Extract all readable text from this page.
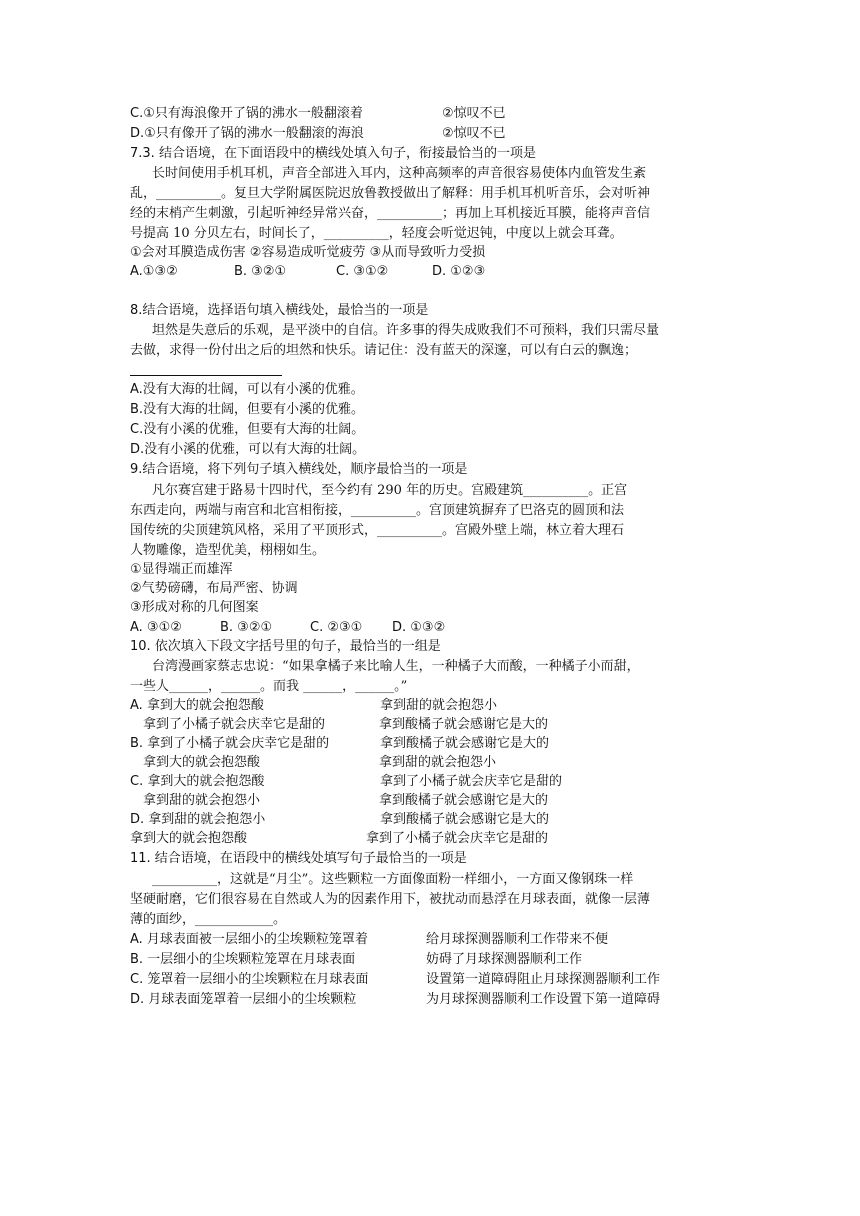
C.①只有海浪像开了锅的沸水一般翻滚着	②惊叹不已
D.①只有像开了锅的沸水一般翻滚的海浪	②惊叹不已
7.3. 结合语境，在下面语段中的横线处填入句子，衔接最恰当的一项是
长时间使用手机耳机，声音全部进入耳内，这种高频率的声音很容易使体内血管发生紊
乱，__________。复旦大学附属医院迟放鲁教授做出了解释：用手机耳机听音乐，会对听神
经的末梢产生刺激，引起听神经异常兴奋，__________；再加上耳机接近耳膜，能将声音信
号提高 10 分贝左右，时间长了，__________，轻度会听觉迟钝，中度以上就会耳聋。
①会对耳膜造成伤害 ②容易造成听觉疲劳 ③从而导致听力受损
A.①③②	B. ③②①	C. ③①②	D. ①②③
8.结合语境，选择语句填入横线处，最恰当的一项是
坦然是失意后的乐观，是平淡中的自信。许多事的得失成败我们不可预料，我们只需尽量
去做，求得一份付出之后的坦然和快乐。请记住：没有蓝天的深邃，可以有白云的飘逸；
A.没有大海的壮阔，可以有小溪的优雅。
B.没有大海的壮阔，但要有小溪的优雅。
C.没有小溪的优雅，但要有大海的壮阔。
D.没有小溪的优雅，可以有大海的壮阔。
9.结合语境，将下列句子填入横线处，顺序最恰当的一项是
凡尔赛宫建于路易十四时代，至今约有 290 年的历史。宫殿建筑__________。正宫
东西走向，两端与南宫和北宫相衔接，__________。宫顶建筑摒弃了巴洛克的圆顶和法
国传统的尖顶建筑风格，采用了平顶形式，__________。宫殿外壁上端，林立着大理石
人物雕像，造型优美，栩栩如生。
①显得端正而雄浑
②气势磅礴，布局严密、协调
③形成对称的几何图案
A. ③①②	B. ③②①	C. ②③① D. ①③②
10. 依次填入下段文字括号里的句子，最恰当的一组是
台湾漫画家蔡志忠说：“如果拿橘子来比喻人生，一种橘子大而酸，一种橘子小而甜，
一些人______，______。而我 ______，______。”
A. 拿到大的就会抱怨酸	拿到甜的就会抱怨小
拿到了小橘子就会庆幸它是甜的	拿到酸橘子就会感谢它是大的
B. 拿到了小橘子就会庆幸它是甜的	拿到酸橘子就会感谢它是大的
拿到大的就会抱怨酸	拿到甜的就会抱怨小
C. 拿到大的就会抱怨酸	拿到了小橘子就会庆幸它是甜的
拿到甜的就会抱怨小	拿到酸橘子就会感谢它是大的
D. 拿到甜的就会抱怨小	拿到酸橘子就会感谢它是大的
拿到大的就会抱怨酸	拿到了小橘子就会庆幸它是甜的
11. 结合语境，在语段中的横线处填写句子最恰当的一项是
__________，这就是“月尘”。这些颗粒一方面像面粉一样细小，一方面又像钢珠一样
坚硬耐磨，它们很容易在自然或人为的因素作用下，被扰动而悬浮在月球表面，就像一层薄
薄的面纱，____________。
A. 月球表面被一层细小的尘埃颗粒笼罩着	给月球探测器顺利工作带来不便
B. 一层细小的尘埃颗粒笼罩在月球表面	妨碍了月球探测器顺利工作
C. 笼罩着一层细小的尘埃颗粒在月球表面	设置第一道障碍阻止月球探测器顺利工作
D. 月球表面笼罩着一层细小的尘埃颗粒	为月球探测器顺利工作设置下第一道障碍
